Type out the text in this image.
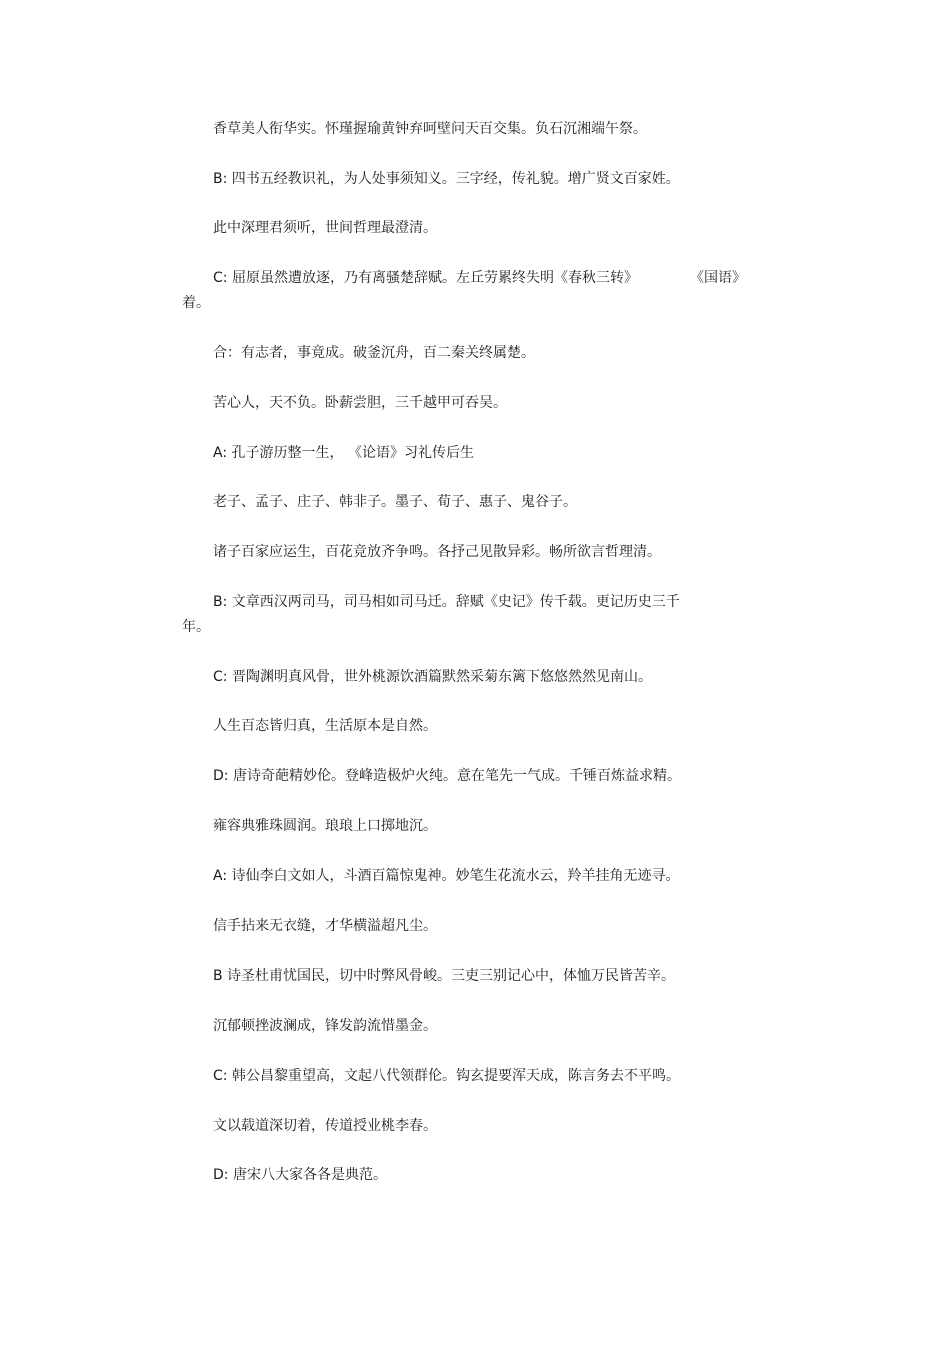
香草美人衔华实。怀瑾握瑜黄钟弃呵壁问天百交集。负石沉湘端午祭。
B: 四书五经教识礼，为人处事须知义。三字经，传礼貌。增广贤文百家姓。
此中深理君须听，世间哲理最澄清。
C: 屈原虽然遭放逐，乃有离骚楚辞赋。左丘劳累终失明《春秋三转》	《国语》
着。
合：有志者，事竟成。破釜沉舟，百二秦关终属楚。
苦心人，天不负。卧薪尝胆，三千越甲可吞吴。
A: 孔子游历整一生， 《论语》习礼传后生
老子、孟子、庄子、韩非子。墨子、荀子、惠子、鬼谷子。
诸子百家应运生，百花竞放齐争鸣。各抒己见散异彩。畅所欲言哲理清。
B: 文章西汉两司马，司马相如司马迁。辞赋《史记》传千载。更记历史三千
年。
C: 晋陶渊明真风骨，世外桃源饮酒篇默然采菊东篱下悠悠然然见南山。
人生百态皆归真，生活原本是自然。
D: 唐诗奇葩精妙伦。登峰造极炉火纯。意在笔先一气成。千锤百炼益求精。
雍容典雅珠圆润。琅琅上口掷地沉。
A: 诗仙李白文如人，斗酒百篇惊鬼神。妙笔生花流水云，羚羊挂角无迹寻。
信手拈来无衣缝，才华横溢超凡尘。
B 诗圣杜甫忧国民，切中时弊风骨峻。三吏三别记心中，体恤万民皆苦辛。
沉郁顿挫波澜成，锋发韵流惜墨金。
C: 韩公昌黎重望高，文起八代领群伦。钩玄提要浑天成，陈言务去不平鸣。
文以载道深切着，传道授业桃李春。
D: 唐宋八大家各各是典范。
